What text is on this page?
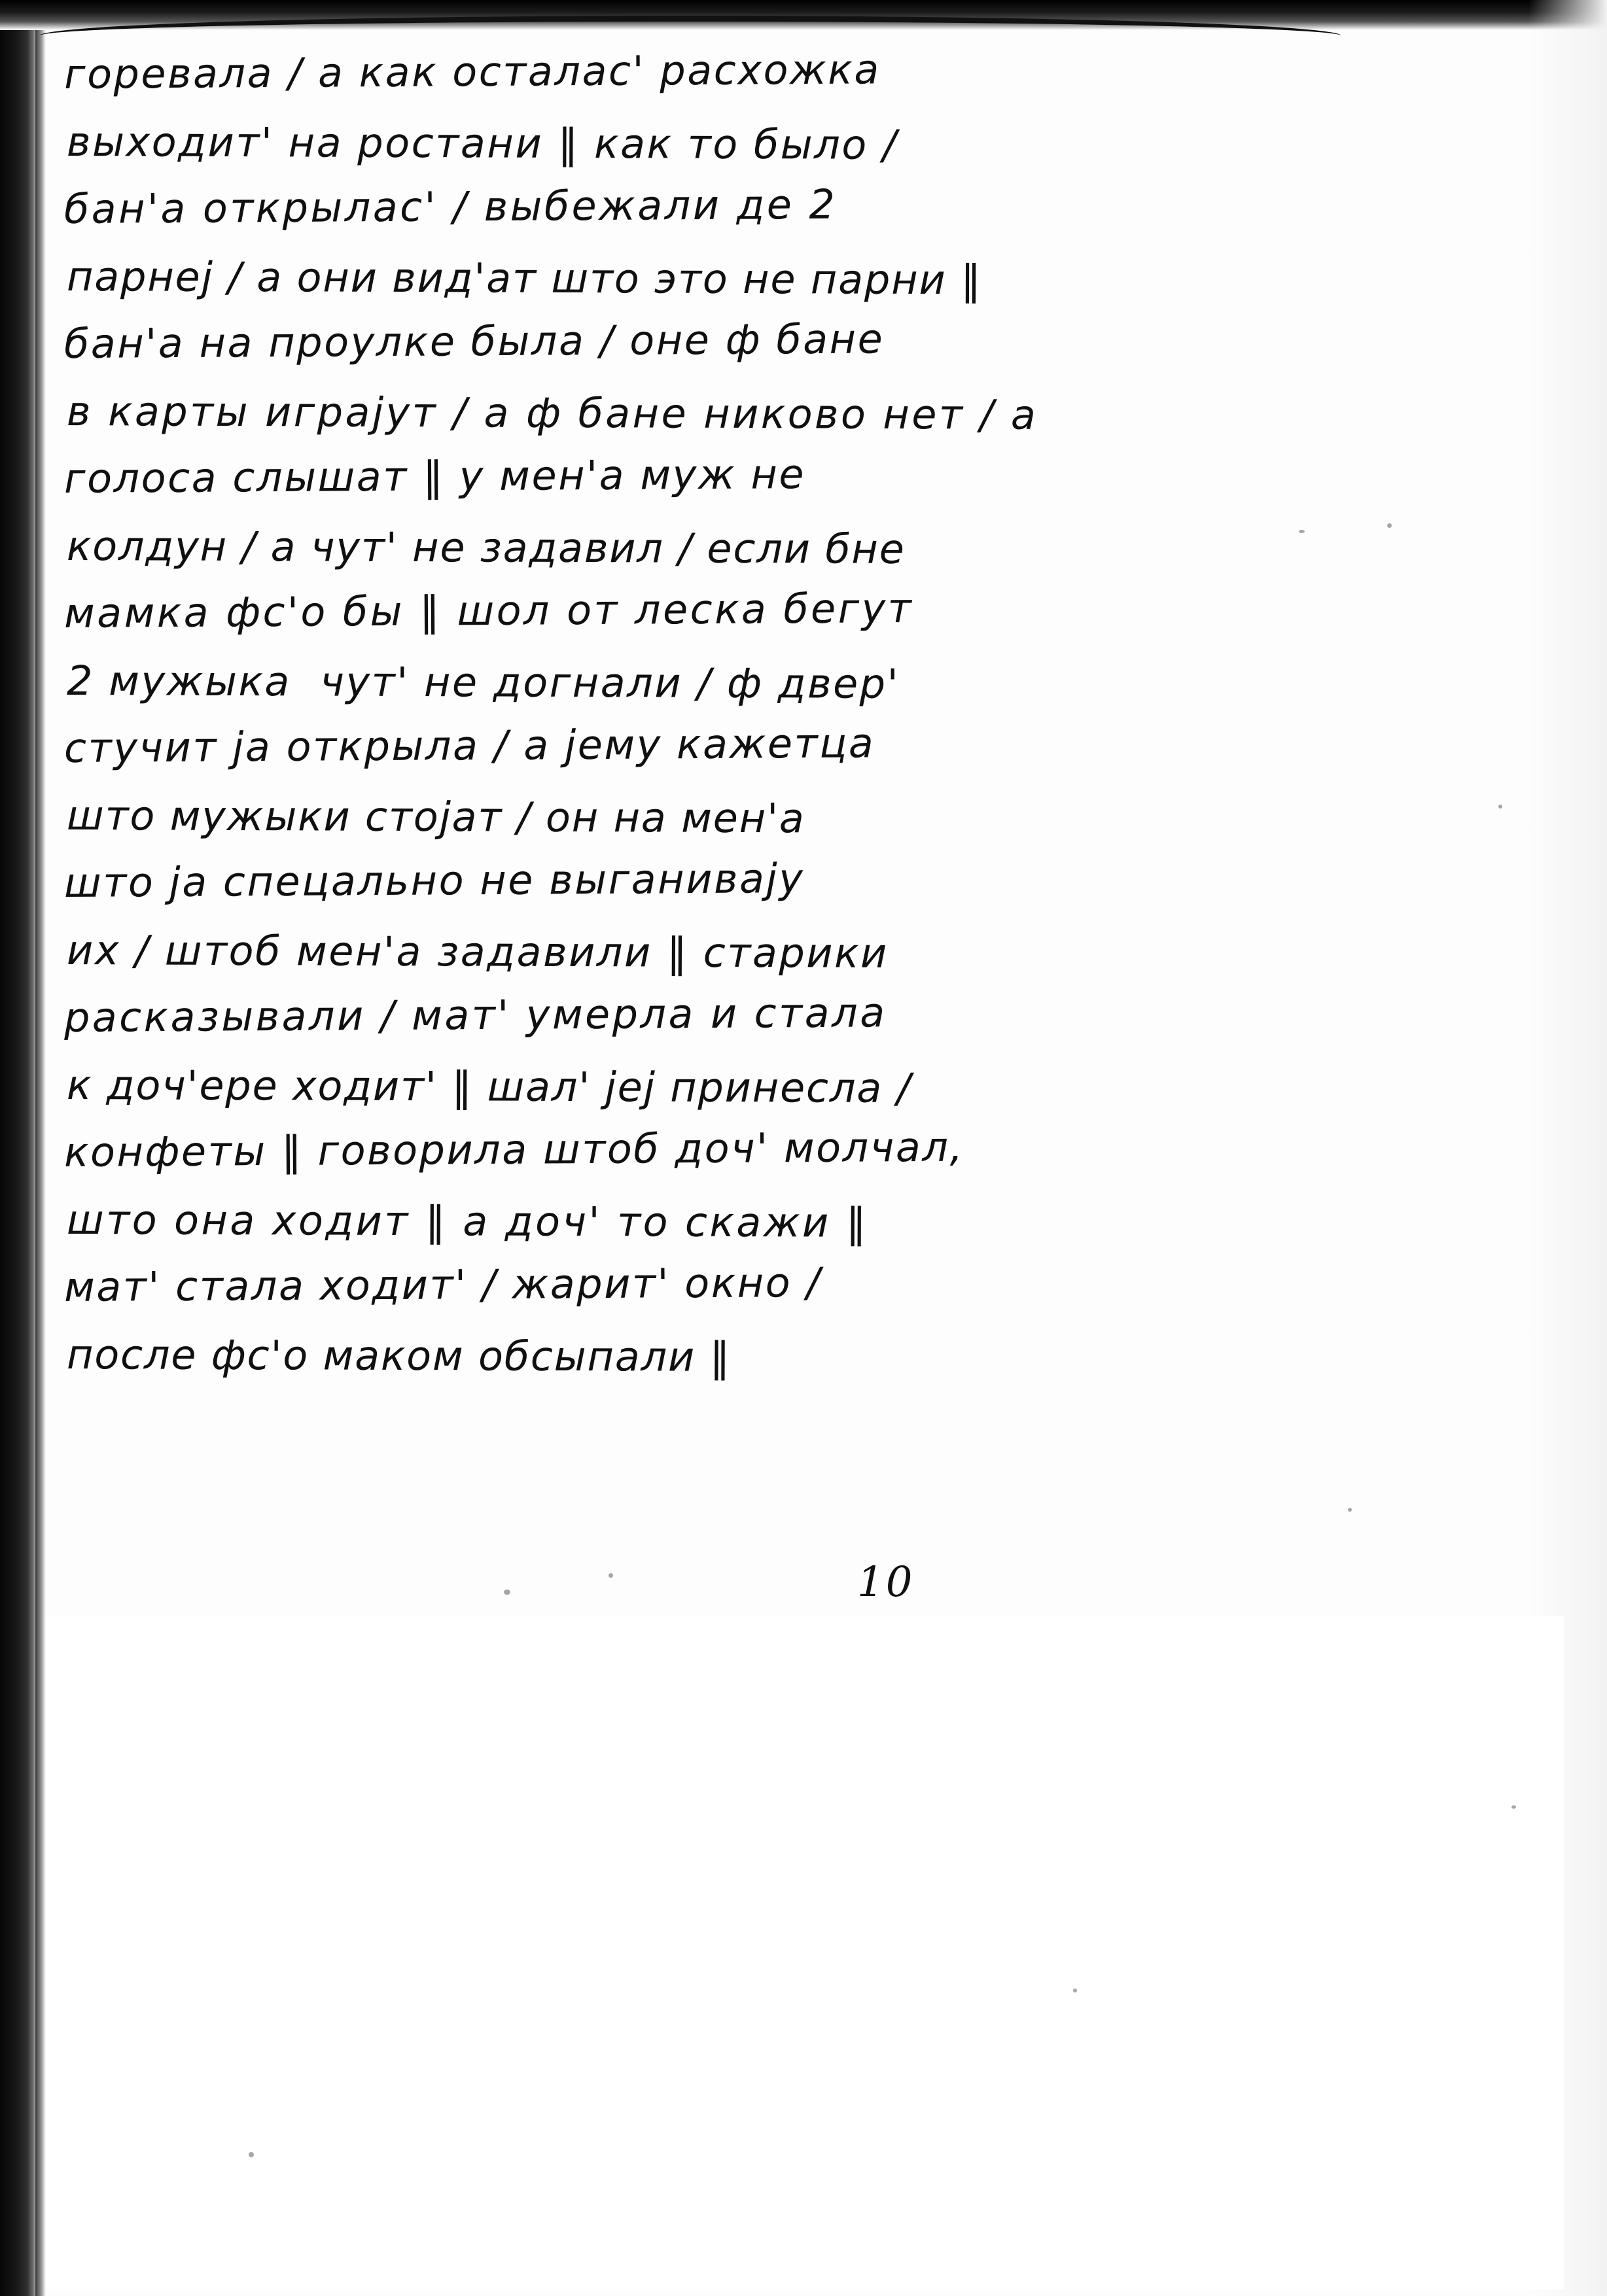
горевала / а как осталас' расхожка
выходит' на ростани ‖ как то было /
бан'а открылас' / выбежали де 2
парнеj / а они вид'ат што это не парни ‖
бан'а на проулке была / оне ф бане
в карты играjут / а ф бане никово нет / а
голоса слышат ‖ у мен'а муж не
колдун / а чут' не задавил / если бне
мамка фс'о бы ‖ шол от леска бегут
2 мужыка  чут' не догнали / ф двер'
стучит jа открыла / а jему кажетца
што мужыки стоjат / он на мен'а
што jа спецально не выганиваjу
их / штоб мен'а задавили ‖ старики
расказывали / мат' умерла и стала
к доч'ере ходит' ‖ шал' jej принесла /
конфеты ‖ говорила штоб доч' молчал,
што она ходит ‖ а доч' то скажи ‖
мат' стала ходит' / жарит' окно /
после фс'о маком обсыпали ‖
10
